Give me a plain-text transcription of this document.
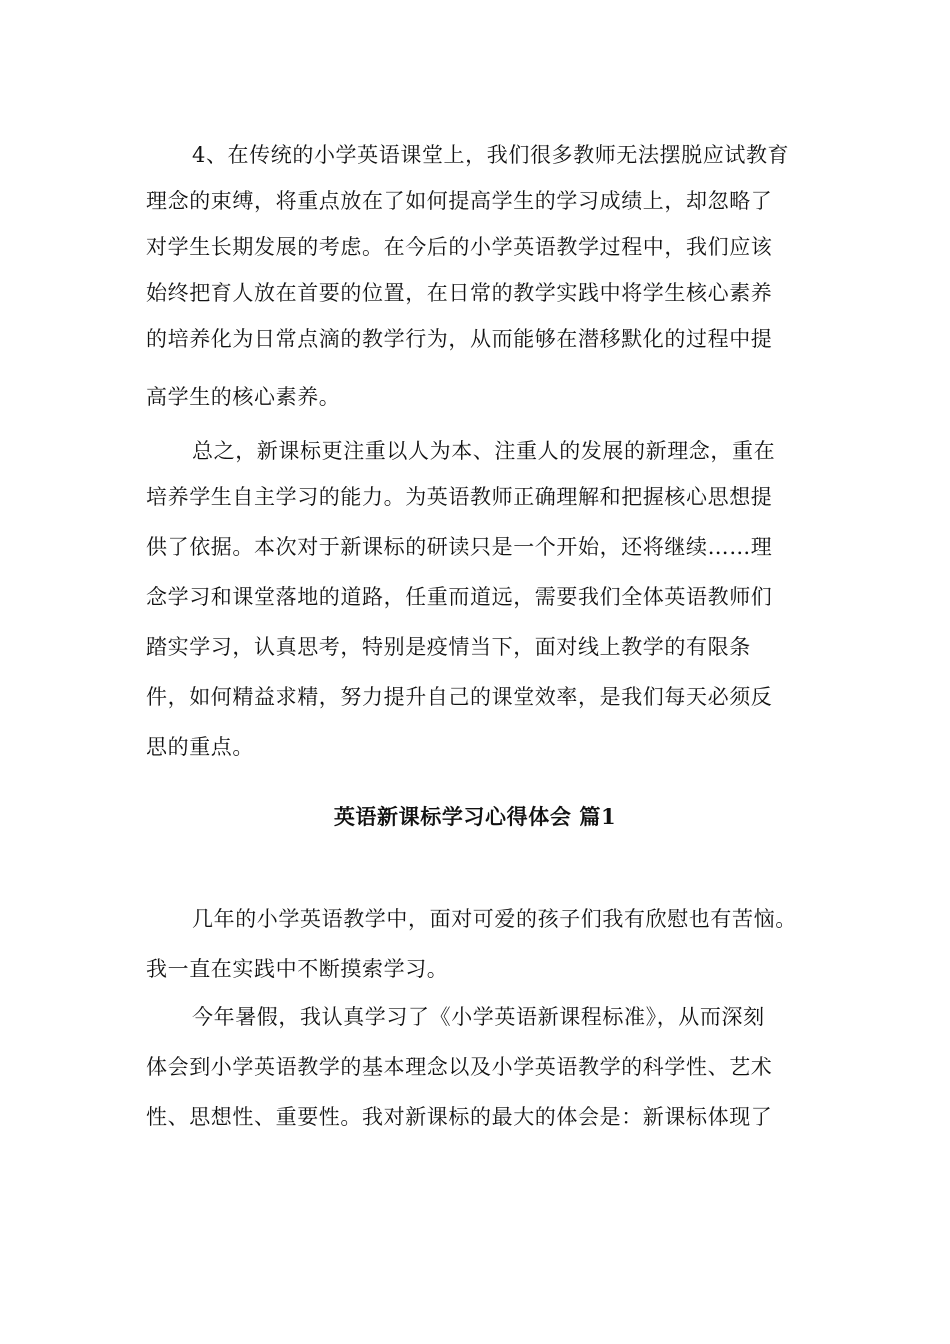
4、在传统的小学英语课堂上，我们很多教师无法摆脱应试教育
理念的束缚，将重点放在了如何提高学生的学习成绩上，却忽略了
对学生长期发展的考虑。在今后的小学英语教学过程中，我们应该
始终把育人放在首要的位置，在日常的教学实践中将学生核心素养
的培养化为日常点滴的教学行为，从而能够在潜移默化的过程中提
高学生的核心素养。
总之，新课标更注重以人为本、注重人的发展的新理念，重在
培养学生自主学习的能力。为英语教师正确理解和把握核心思想提
供了依据。本次对于新课标的研读只是一个开始，还将继续……理
念学习和课堂落地的道路，任重而道远，需要我们全体英语教师们
踏实学习，认真思考，特别是疫情当下，面对线上教学的有限条
件，如何精益求精，努力提升自己的课堂效率，是我们每天必须反
思的重点。
英语新课标学习心得体会 篇1
几年的小学英语教学中，面对可爱的孩子们我有欣慰也有苦恼。
我一直在实践中不断摸索学习。
今年暑假，我认真学习了《小学英语新课程标准》，从而深刻
体会到小学英语教学的基本理念以及小学英语教学的科学性、艺术
性、思想性、重要性。我对新课标的最大的体会是：新课标体现了
